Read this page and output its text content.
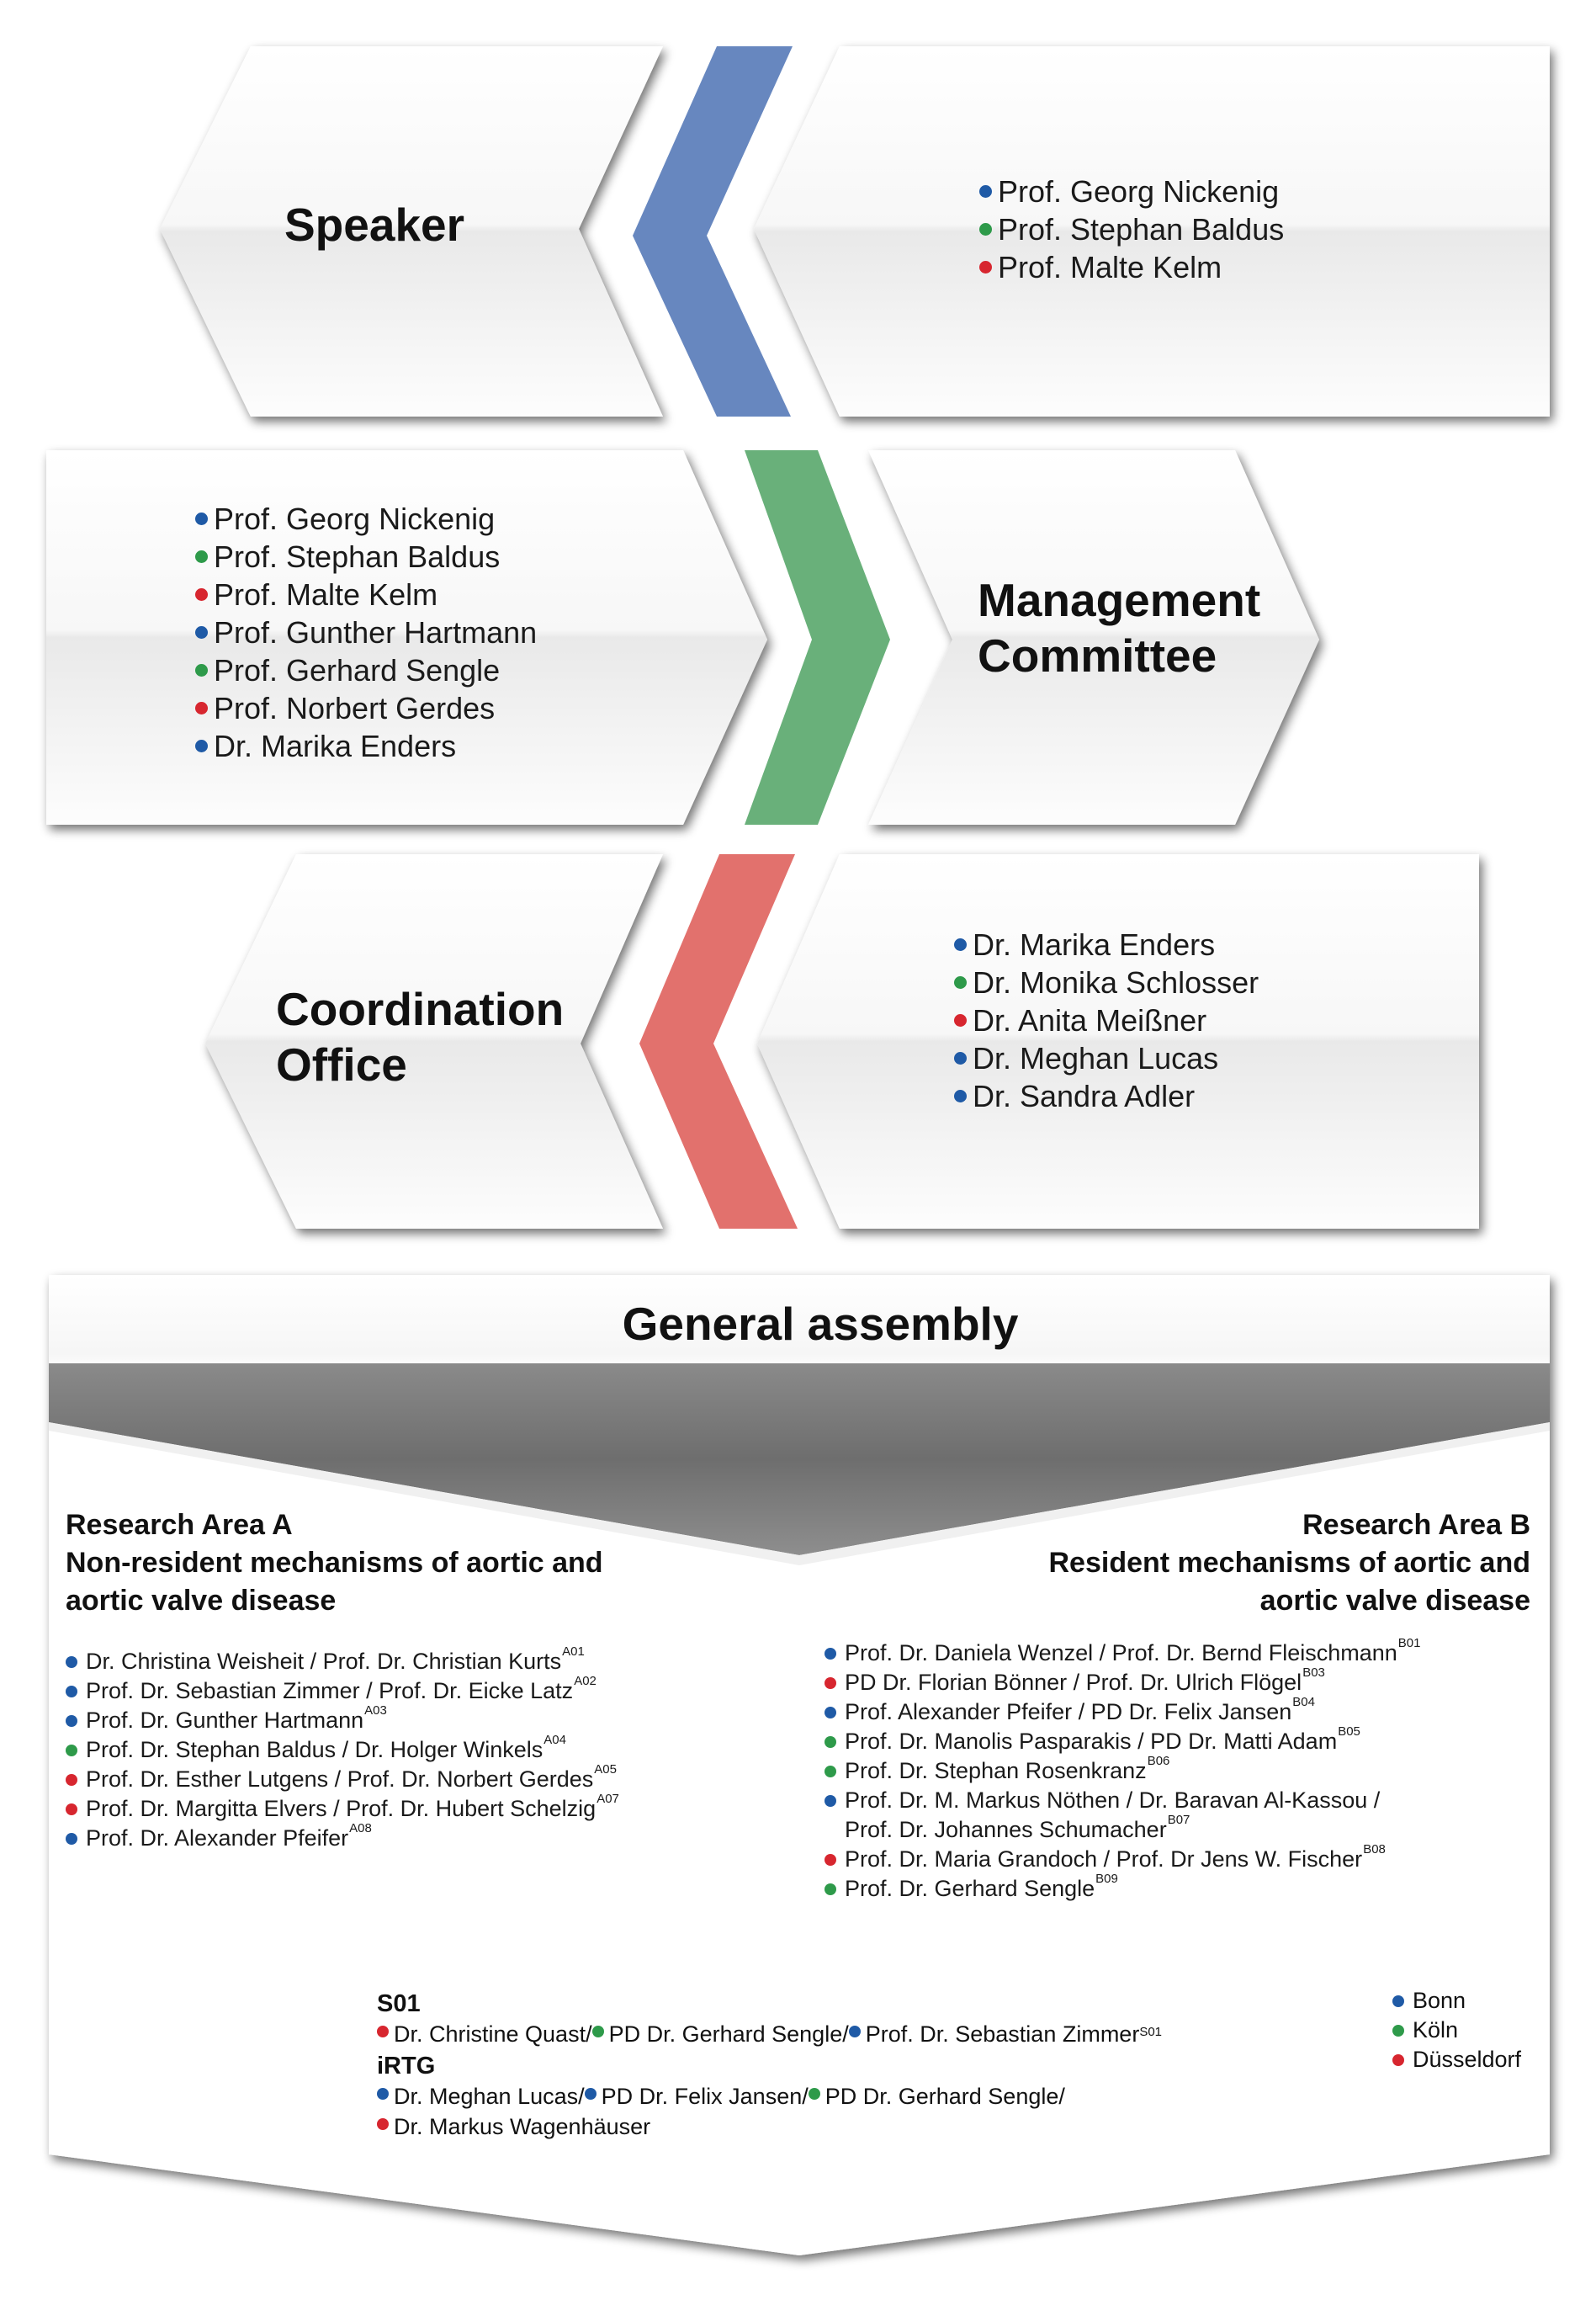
Speaker
Prof. Georg Nickenig
Prof. Stephan Baldus
Prof. Malte Kelm
Prof. Georg Nickenig
Prof. Stephan Baldus
Prof. Malte Kelm
Prof. Gunther Hartmann
Prof. Gerhard Sengle
Prof. Norbert Gerdes
Dr. Marika Enders
Management
Committee
Coordination
Office
Dr. Marika Enders
Dr. Monika Schlosser
Dr. Anita Meißner
Dr. Meghan Lucas
Dr. Sandra Adler
General assembly
Research Area A
Non-resident mechanisms of aortic and
aortic valve disease
Dr. Christina Weisheit / Prof. Dr. Christian Kurts$^{A01}$
Prof. Dr. Sebastian Zimmer / Prof. Dr. Eicke Latz$^{A02}$
Prof. Dr. Gunther Hartmann$^{A03}$
Prof. Dr. Stephan Baldus / Dr. Holger Winkels$^{A04}$
Prof. Dr. Esther Lutgens / Prof. Dr. Norbert Gerdes$^{A05}$
Prof. Dr. Margitta Elvers / Prof. Dr. Hubert Schelzig$^{A07}$
Prof. Dr. Alexander Pfeifer$^{A08}$
Research Area B
Resident mechanisms of aortic and
aortic valve disease
Prof. Dr. Daniela Wenzel / Prof. Dr. Bernd Fleischmann$^{B01}$
PD Dr. Florian Bönner / Prof. Dr. Ulrich Flögel$^{B03}$
Prof. Alexander Pfeifer / PD Dr. Felix Jansen$^{B04}$
Prof. Dr. Manolis Pasparakis / PD Dr. Matti Adam$^{B05}$
Prof. Dr. Stephan Rosenkranz$^{B06}$
Prof. Dr. M. Markus Nöthen / Dr. Baravan Al-Kassou /
Prof. Dr. Johannes Schumacher$^{B07}$
Prof. Dr. Maria Grandoch / Prof. Dr Jens W. Fischer$^{B08}$
Prof. Dr. Gerhard Sengle$^{B09}$
S01
Dr. Christine Quast/ PD Dr. Gerhard Sengle/ Prof. Dr. Sebastian Zimmer$^{S01}$
iRTG
Dr. Meghan Lucas/ PD Dr. Felix Jansen/ PD Dr. Gerhard Sengle/
Dr. Markus Wagenhäuser
Bonn
Köln
Düsseldorf
